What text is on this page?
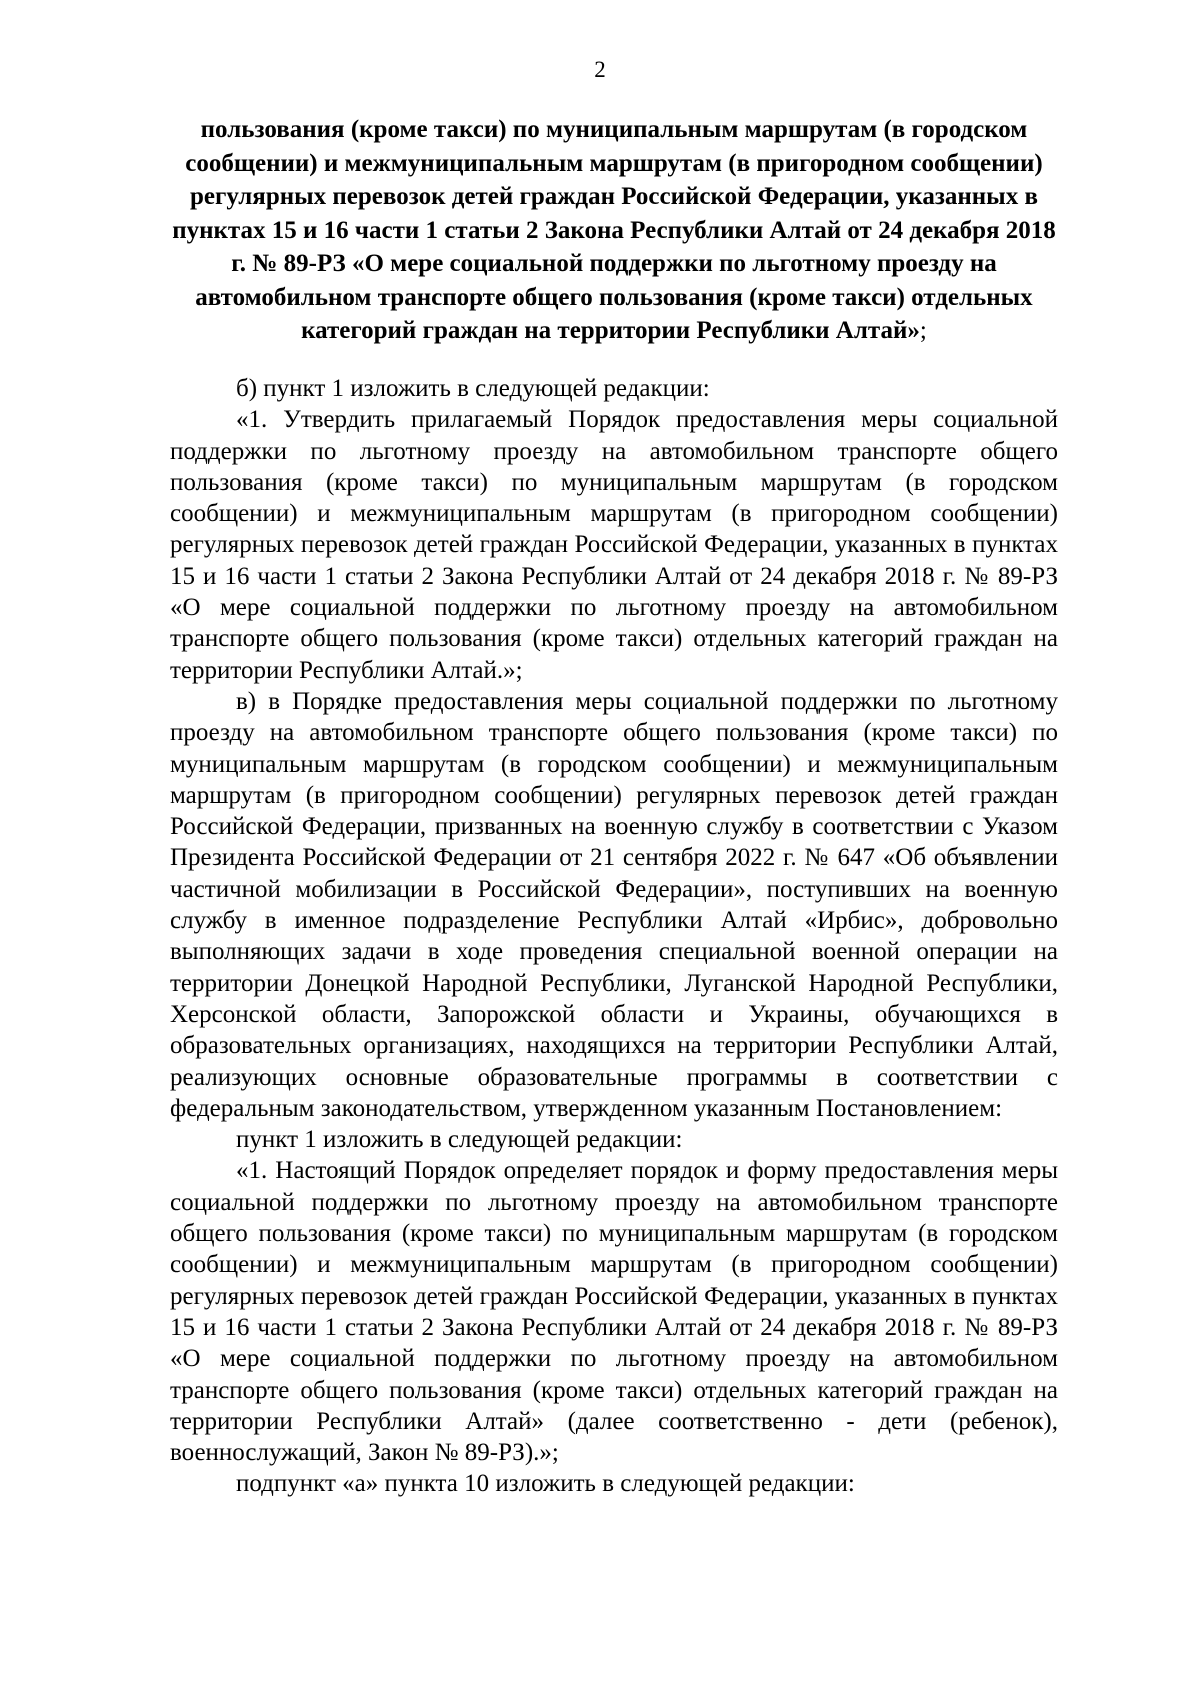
2
пользования (кроме такси) по муниципальным маршрутам (в городском сообщении) и межмуниципальным маршрутам (в пригородном сообщении) регулярных перевозок детей граждан Российской Федерации, указанных в пунктах 15 и 16 части 1 статьи 2 Закона Республики Алтай от 24 декабря 2018 г. № 89-РЗ «О мере социальной поддержки по льготному проезду на автомобильном транспорте общего пользования (кроме такси) отдельных категорий граждан на территории Республики Алтай»;

б) пункт 1 изложить в следующей редакции:

«1. Утвердить прилагаемый Порядок предоставления меры социальной поддержки по льготному проезду на автомобильном транспорте общего пользования (кроме такси) по муниципальным маршрутам (в городском сообщении) и межмуниципальным маршрутам (в пригородном сообщении) регулярных перевозок детей граждан Российской Федерации, указанных в пунктах 15 и 16 части 1 статьи 2 Закона Республики Алтай от 24 декабря 2018 г. № 89-РЗ «О мере социальной поддержки по льготному проезду на автомобильном транспорте общего пользования (кроме такси) отдельных категорий граждан на территории Республики Алтай.»;

в) в Порядке предоставления меры социальной поддержки по льготному проезду на автомобильном транспорте общего пользования (кроме такси) по муниципальным маршрутам (в городском сообщении) и межмуниципальным маршрутам (в пригородном сообщении) регулярных перевозок детей граждан Российской Федерации, призванных на военную службу в соответствии с Указом Президента Российской Федерации от 21 сентября 2022 г. № 647 «Об объявлении частичной мобилизации в Российской Федерации», поступивших на военную службу в именное подразделение Республики Алтай «Ирбис», добровольно выполняющих задачи в ходе проведения специальной военной операции на территории Донецкой Народной Республики, Луганской Народной Республики, Херсонской области, Запорожской области и Украины, обучающихся в образовательных организациях, находящихся на территории Республики Алтай, реализующих основные образовательные программы в соответствии с федеральным законодательством, утвержденном указанным Постановлением:

пункт 1 изложить в следующей редакции:

«1. Настоящий Порядок определяет порядок и форму предоставления меры социальной поддержки по льготному проезду на автомобильном транспорте общего пользования (кроме такси) по муниципальным маршрутам (в городском сообщении) и межмуниципальным маршрутам (в пригородном сообщении) регулярных перевозок детей граждан Российской Федерации, указанных в пунктах 15 и 16 части 1 статьи 2 Закона Республики Алтай от 24 декабря 2018 г. № 89-РЗ «О мере социальной поддержки по льготному проезду на автомобильном транспорте общего пользования (кроме такси) отдельных категорий граждан на территории Республики Алтай» (далее соответственно - дети (ребенок), военнослужащий, Закон № 89-РЗ).»;

подпункт «а» пункта 10 изложить в следующей редакции:
